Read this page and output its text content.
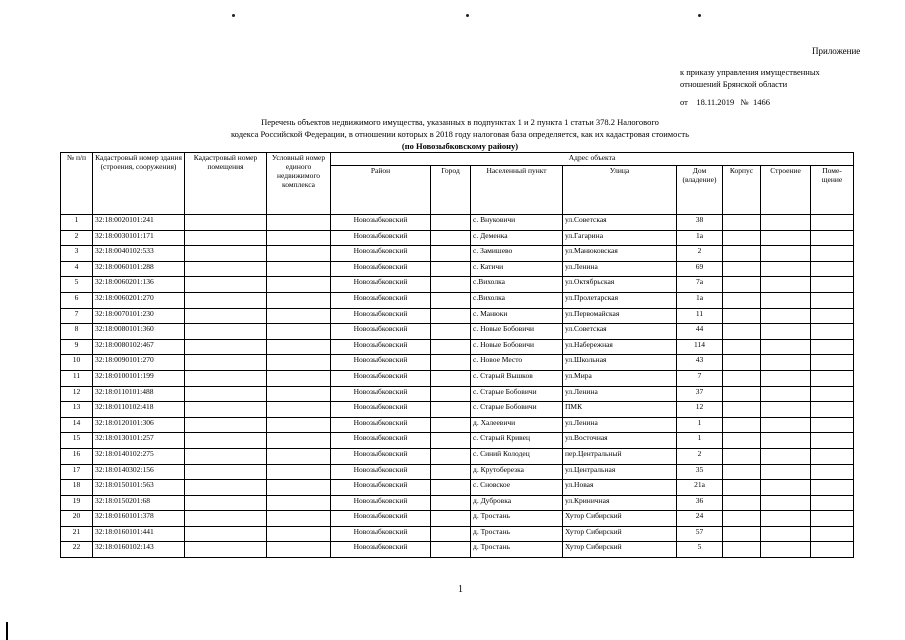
Приложение
к приказу управления имущественных
отношений Брянской области
от 18.11.2019 № 1466
Перечень объектов недвижимого имущества, указанных в подпунктах 1 и 2 пункта 1 статьи 378.2 Налогового
кодекса Российской Федерации, в отношении которых в 2018 году налоговая база определяется, как их кадастровая стоимость
(по Новозыбковскому району)
№ п/п	Кадастровый номер здания (строения, сооружения)	Кадастровый номер помещения	Условный номер единого недвижимого комплекса	Адрес объекта							
				Район	Город	Населенный пункт	Улица	Дом (владение)	Корпус	Строение	Поме-щение
1	32:18:0020101:241			Новозыбковский		с. Внуковичи	ул.Советская	38			
2	32:18:0030101:171			Новозыбковский		с. Деменка	ул.Гагарина	1а			
3	32:18:0040102:533			Новозыбковский		с. Замишево	ул.Манюковская	2			
4	32:18:0060101:288			Новозыбковский		с. Катичи	ул.Ленина	69			
5	32:18:0060201:136			Новозыбковский		с.Вихолка	ул.Октябрьская	7а			
6	32:18:0060201:270			Новозыбковский		с.Вихолка	ул.Пролетарская	1а			
7	32:18:0070101:230			Новозыбковский		с. Манюки	ул.Первомайская	11			
8	32:18:0080101:360			Новозыбковский		с. Новые Бобовичи	ул.Советская	44			
9	32:18:0080102:467			Новозыбковский		с. Новые Бобовичи	ул.Набережная	114			
10	32:18:0090101:270			Новозыбковский		с. Новое Место	ул.Школьная	43			
11	32:18:0100101:199			Новозыбковский		с. Старый Вышков	ул.Мира	7			
12	32:18:0110101:488			Новозыбковский		с. Старые Бобовичи	ул.Ленина	37			
13	32:18:0110102:418			Новозыбковский		с. Старые Бобовичи	ПМК	12			
14	32:18:0120101:306			Новозыбковский		д. Халеевичи	ул.Ленина	1			
15	32:18:0130101:257			Новозыбковский		с. Старый Кривец	ул.Восточная	1			
16	32:18:0140102:275			Новозыбковский		с. Синий Колодец	пер.Центральный	2			
17	32:18:0140302:156			Новозыбковский		д. Крутоберезка	ул.Центральная	35			
18	32:18:0150101:563			Новозыбковский		с. Сновское	ул.Новая	21а			
19	32:18:0150201:68			Новозыбковский		д. Дубровка	ул.Криничная	36			
20	32:18:0160101:378			Новозыбковский		д. Тростань	Хутор Сибирский	24			
21	32:18:0160101:441			Новозыбковский		д. Тростань	Хутор Сибирский	57			
22	32:18:0160102:143			Новозыбковский		д. Тростань	Хутор Сибирский	5			
1
